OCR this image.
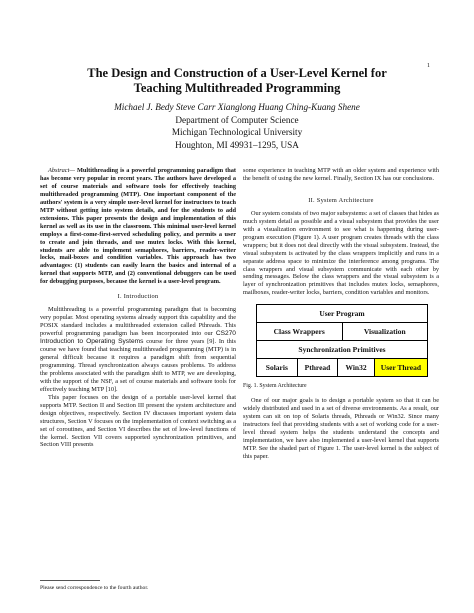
1
The Design and Construction of a User-Level Kernel for
Teaching Multithreaded Programming
Michael J. Bedy Steve Carr Xianglong Huang Ching-Kuang Shene
Department of Computer Science
Michigan Technological University
Houghton, MI 49931–1295, USA

Abstract— Multithreading is a powerful programming paradigm that has become very popular in recent years. The authors have developed a set of course materials and software tools for effectively teaching multithreaded programming (MTP). One important component of the authors' system is a very simple user-level kernel for instructors to teach MTP without getting into system details, and for the students to add extensions. This paper presents the design and implementation of this kernel as well as its use in the classroom. This minimal user-level kernel employs a first-come-first-served scheduling policy, and permits a user to create and join threads, and use mutex locks. With this kernel, students are able to implement semaphores, barriers, reader-writer locks, mail-boxes and condition variables. This approach has two advantages: (1) students can easily learn the basics and internal of a kernel that supports MTP, and (2) conventional debuggers can be used for debugging purposes, because the kernel is a user-level program.

I. Introduction

Multithreading is a powerful programming paradigm that is becoming very popular. Most operating systems already support this capability and the POSIX standard includes a multithreaded extension called Pthreads. This powerful programming paradigm has been incorporated into our CS270 Introduction to Operating Systems course for three years [9]. In this course we have found that teaching multithreaded programming (MTP) is in general difficult because it requires a paradigm shift from sequential programming. Thread synchronization always causes problems. To address the problems associated with the paradigm shift to MTP, we are developing, with the support of the NSF, a set of course materials and software tools for effectively teaching MTP [10].

This paper focuses on the design of a portable user-level kernel that supports MTP. Section II and Section III present the system architecture and design objectives, respectively. Section IV discusses important system data structures, Section V focuses on the implementation of context switching as a set of coroutines, and Section VI describes the set of low-level functions of the kernel. Section VII covers supported synchronization primitives, and Section VIII presents

Please send correspondence to the fourth author.

some experience in teaching MTP with an older system and experience with the benefit of using the new kernel. Finally, Section IX has our conclusions.

II. System Architecture

Our system consists of two major subsystems: a set of classes that hides as much system detail as possible and a visual subsystem that provides the user with a visualization environment to see what is happening during user-program execution (Figure 1). A user program creates threads with the class wrappers; but it does not deal directly with the visual subsystem. Instead, the visual subsystem is activated by the class wrappers implicitly and runs in a separate address space to minimize the interference among programs. The class wrappers and visual subsystem communicate with each other by sending messages. Below the class wrappers and the visual subsystem is a layer of synchronization primitives that includes mutex locks, semaphores, mailboxes, reader-writer locks, barriers, condition variables and monitors.

User Program
Class Wrappers	Visualization
Synchronization Primitives
Solaris	Pthread	Win32	User Thread
Fig. 1. System Architecture

One of our major goals is to design a portable system so that it can be widely distributed and used in a set of diverse environments. As a result, our system can sit on top of Solaris threads, Pthreads or Win32. Since many instructors feel that providing students with a set of working code for a user-level thread system helps the students understand the concepts and implementation, we have also implemented a user-level kernel that supports MTP. See the shaded part of Figure 1. The user-level kernel is the subject of this paper.
